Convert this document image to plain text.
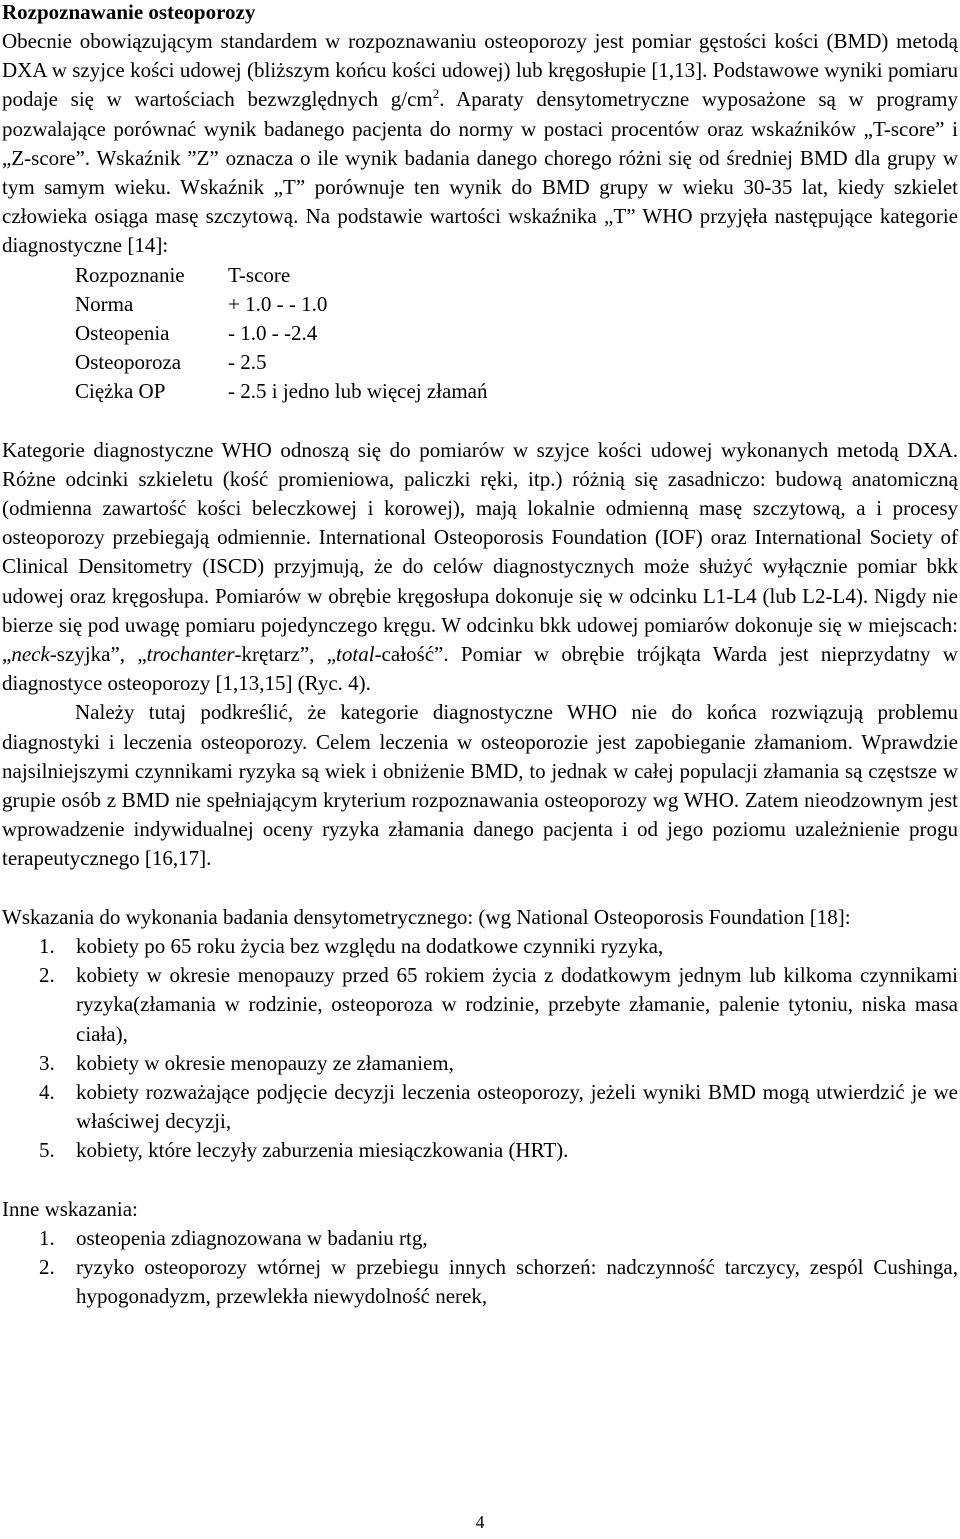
Rozpoznawanie osteoporozy

Obecnie obowiązującym standardem w rozpoznawaniu osteoporozy jest pomiar gęstości kości (BMD) metodą DXA w szyjce kości udowej (bliższym końcu kości udowej) lub kręgosłupie [1,13]. Podstawowe wyniki pomiaru podaje się w wartościach bezwzględnych $g/cm^2$. Aparaty densytometryczne wyposażone są w programy pozwalające porównać wynik badanego pacjenta do normy w postaci procentów oraz wskaźników „T-score” i „Z-score”. Wskaźnik ”Z” oznacza o ile wynik badania danego chorego różni się od średniej BMD dla grupy w tym samym wieku. Wskaźnik „T” porównuje ten wynik do BMD grupy w wieku 30-35 lat, kiedy szkielet człowieka osiąga masę szczytową. Na podstawie wartości wskaźnika „T” WHO przyjęła następujące kategorie diagnostyczne [14]:

Rozpoznanie	T-score
Norma	+ 1.0 - - 1.0
Osteopenia	- 1.0 - -2.4
Osteoporoza	- 2.5
Ciężka OP	- 2.5 i jedno lub więcej złamań

Kategorie diagnostyczne WHO odnoszą się do pomiarów w szyjce kości udowej wykonanych metodą DXA. Różne odcinki szkieletu (kość promieniowa, paliczki ręki, itp.) różnią się zasadniczo: budową anatomiczną (odmienna zawartość kości beleczkowej i korowej), mają lokalnie odmienną masę szczytową, a i procesy osteoporozy przebiegają odmiennie. International Osteoporosis Foundation (IOF) oraz International Society of Clinical Densitometry (ISCD) przyjmują, że do celów diagnostycznych może służyć wyłącznie pomiar bkk udowej oraz kręgosłupa. Pomiarów w obrębie kręgosłupa dokonuje się w odcinku L1-L4 (lub L2-L4). Nigdy nie bierze się pod uwagę pomiaru pojedynczego kręgu. W odcinku bkk udowej pomiarów dokonuje się w miejscach: „neck-szyjka”, „trochanter-krętarz”, „total-całość”. Pomiar w obrębie trójkąta Warda jest nieprzydatny w diagnostyce osteoporozy [1,13,15] (Ryc. 4).

Należy tutaj podkreślić, że kategorie diagnostyczne WHO nie do końca rozwiązują problemu diagnostyki i leczenia osteoporozy. Celem leczenia w osteoporozie jest zapobieganie złamaniom. Wprawdzie najsilniejszymi czynnikami ryzyka są wiek i obniżenie BMD, to jednak w całej populacji złamania są częstsze w grupie osób z BMD nie spełniającym kryterium rozpoznawania osteoporozy wg WHO. Zatem nieodzownym jest wprowadzenie indywidualnej oceny ryzyka złamania danego pacjenta i od jego poziomu uzależnienie progu terapeutycznego [16,17].

Wskazania do wykonania badania densytometrycznego: (wg National Osteoporosis Foundation [18]:

1. kobiety po 65 roku życia bez względu na dodatkowe czynniki ryzyka,
2. kobiety w okresie menopauzy przed 65 rokiem życia z dodatkowym jednym lub kilkoma czynnikami ryzyka(złamania w rodzinie, osteoporoza w rodzinie, przebyte złamanie, palenie tytoniu, niska masa ciała),
3. kobiety w okresie menopauzy ze złamaniem,
4. kobiety rozważające podjęcie decyzji leczenia osteoporozy, jeżeli wyniki BMD mogą utwierdzić je we właściwej decyzji,
5. kobiety, które leczyły zaburzenia miesiączkowania (HRT).

Inne wskazania:

1. osteopenia zdiagnozowana w badaniu rtg,
2. ryzyko osteoporozy wtórnej w przebiegu innych schorzeń: nadczynność tarczycy, zespól Cushinga, hypogonadyzm, przewlekła niewydolność nerek,
4
